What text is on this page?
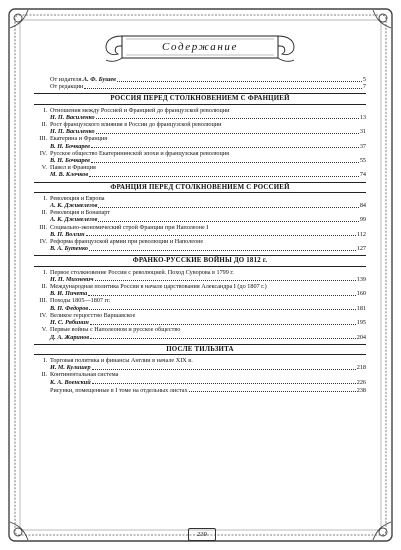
Содержание
От издателя. А. Ф. Бушев	5
От редакции	7
РОССИЯ ПЕРЕД СТОЛКНОВЕНИЕМ С ФРАНЦИЕЙ
I. Отношения между Россией и Францией до французской революции
Н. П. Василенко	13
II. Рост французского влияния в России до французской революции
Н. П. Василенко	31
III. Екатерина и Франция
В. Н. Бочкарев	37
IV. Русское общество Екатерининской эпохи и французская революция
В. Н. Бочкарев	55
V. Павел и Франция
М. В. Клочков	74
ФРАНЦИЯ ПЕРЕД СТОЛКНОВЕНИЕМ С РОССИЕЙ
I. Революция и Европа
А. К. Дживелегов	84
II. Революция и Бонапарт
А. К. Дживелегов	99
III. Социально-экономический строй Франции при Наполеоне I
В. П. Волгин	112
IV. Реформа французской армии при революции и Наполеоне
В. А. Бутенко	127
ФРАНКО-РУССКИЕ ВОЙНЫ ДО 1812 г.
I. Первое столкновение России с революцией. Поход Суворова в 1799 г.
Н. П. Михневич	139
II. Международная политика России в начале царствования Александра I (до 1807 г.)
В. И. Пичета	160
III. Походы 1805—1807 гг.
В. П. Федоров	181
IV. Великое герцогство Варшавское
Н. С. Рябинин	195
V. Первые войны с Наполеоном и русское общество
Д. А. Жаринов	204
ПОСЛЕ ТИЛЬЗИТА
I. Торговая политика и финансы Англии в начале XIX в.
И. М. Кулишер	218
II. Континентальная система
К. А. Военский	226
Рисунки, помещенные в I томе на отдельных листах	238
239
